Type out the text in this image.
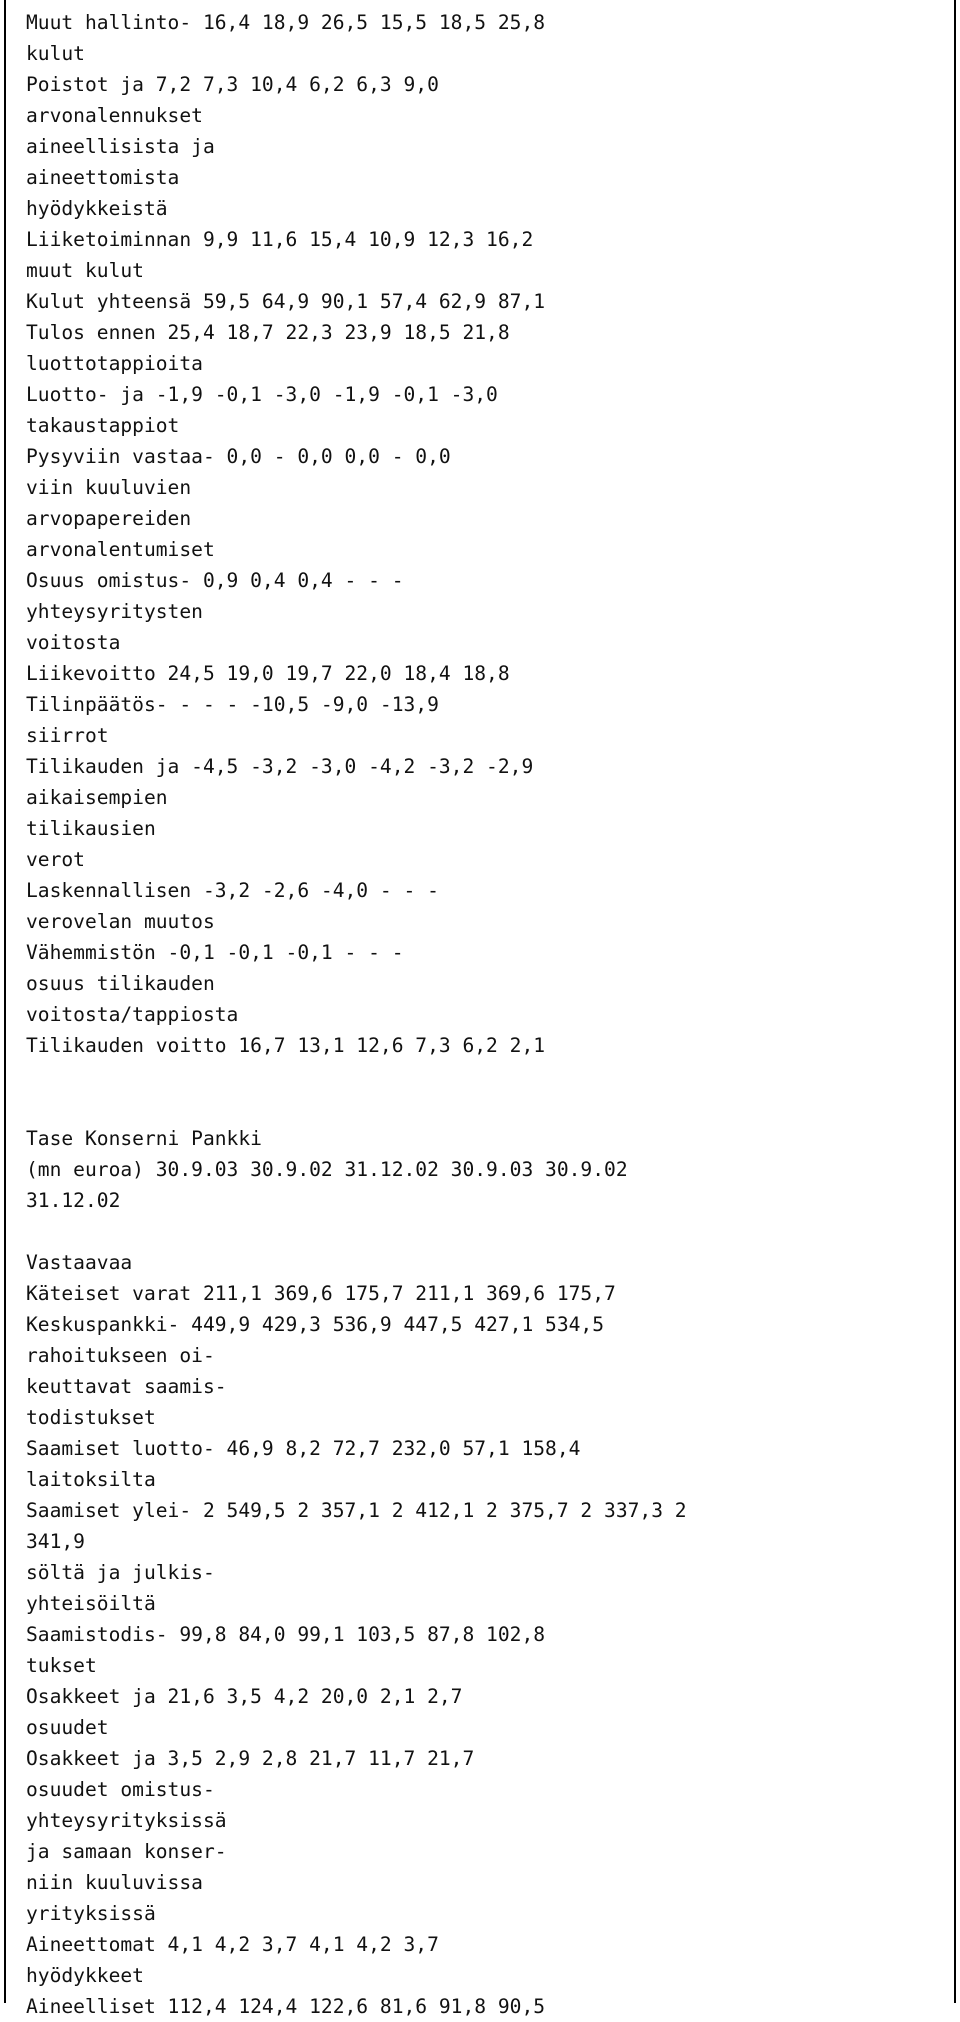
Muut hallinto- 16,4 18,9 26,5 15,5 18,5 25,8
kulut
Poistot ja 7,2 7,3 10,4 6,2 6,3 9,0
arvonalennukset
aineellisista ja
aineettomista
hyödykkeistä
Liiketoiminnan 9,9 11,6 15,4 10,9 12,3 16,2
muut kulut
Kulut yhteensä 59,5 64,9 90,1 57,4 62,9 87,1
Tulos ennen 25,4 18,7 22,3 23,9 18,5 21,8
luottotappioita
Luotto- ja -1,9 -0,1 -3,0 -1,9 -0,1 -3,0
takaustappiot
Pysyviin vastaa- 0,0 - 0,0 0,0 - 0,0
viin kuuluvien
arvopapereiden
arvonalentumiset
Osuus omistus- 0,9 0,4 0,4 - - -
yhteysyritysten
voitosta
Liikevoitto 24,5 19,0 19,7 22,0 18,4 18,8
Tilinpäätös- - - - -10,5 -9,0 -13,9
siirrot
Tilikauden ja -4,5 -3,2 -3,0 -4,2 -3,2 -2,9
aikaisempien
tilikausien
verot
Laskennallisen -3,2 -2,6 -4,0 - - -
verovelan muutos
Vähemmistön -0,1 -0,1 -0,1 - - -
osuus tilikauden
voitosta/tappiosta
Tilikauden voitto 16,7 13,1 12,6 7,3 6,2 2,1
Tase Konserni Pankki
(mn euroa) 30.9.03 30.9.02 31.12.02 30.9.03 30.9.02
31.12.02
Vastaavaa
Käteiset varat 211,1 369,6 175,7 211,1 369,6 175,7
Keskuspankki- 449,9 429,3 536,9 447,5 427,1 534,5
rahoitukseen oi-
keuttavat saamis-
todistukset
Saamiset luotto- 46,9 8,2 72,7 232,0 57,1 158,4
laitoksilta
Saamiset ylei- 2 549,5 2 357,1 2 412,1 2 375,7 2 337,3 2
341,9
söltä ja julkis-
yhteisöiltä
Saamistodis- 99,8 84,0 99,1 103,5 87,8 102,8
tukset
Osakkeet ja 21,6 3,5 4,2 20,0 2,1 2,7
osuudet
Osakkeet ja 3,5 2,9 2,8 21,7 11,7 21,7
osuudet omistus-
yhteysyrityksissä
ja samaan konser-
niin kuuluvissa
yrityksissä
Aineettomat 4,1 4,2 3,7 4,1 4,2 3,7
hyödykkeet
Aineelliset 112,4 124,4 122,6 81,6 91,8 90,5
